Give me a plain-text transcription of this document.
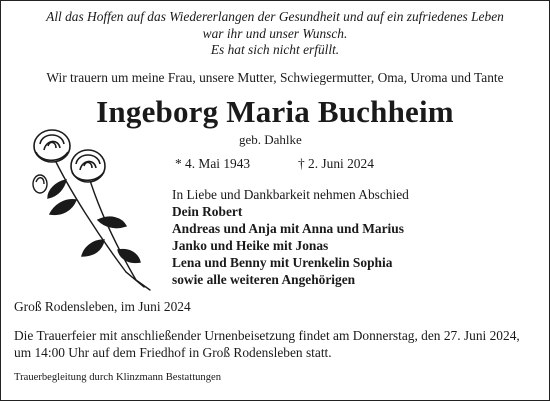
All das Hoffen auf das Wiedererlangen der Gesundheit und auf ein zufriedenes Leben
war ihr und unser Wunsch.
Es hat sich nicht erfüllt.
Wir trauern um meine Frau, unsere Mutter, Schwiegermutter, Oma, Uroma und Tante
Ingeborg Maria Buchheim
geb. Dahlke
* 4. Mai 1943	† 2. Juni 2024
In Liebe und Dankbarkeit nehmen Abschied
Dein Robert
Andreas und Anja mit Anna und Marius
Janko und Heike mit Jonas
Lena und Benny mit Urenkelin Sophia
sowie alle weiteren Angehörigen
Groß Rodensleben, im Juni 2024
Die Trauerfeier mit anschließender Urnenbeisetzung findet am Donnerstag, den 27. Juni 2024,
um 14:00 Uhr auf dem Friedhof in Groß Rodensleben statt.
Trauerbegleitung durch Klinzmann Bestattungen
